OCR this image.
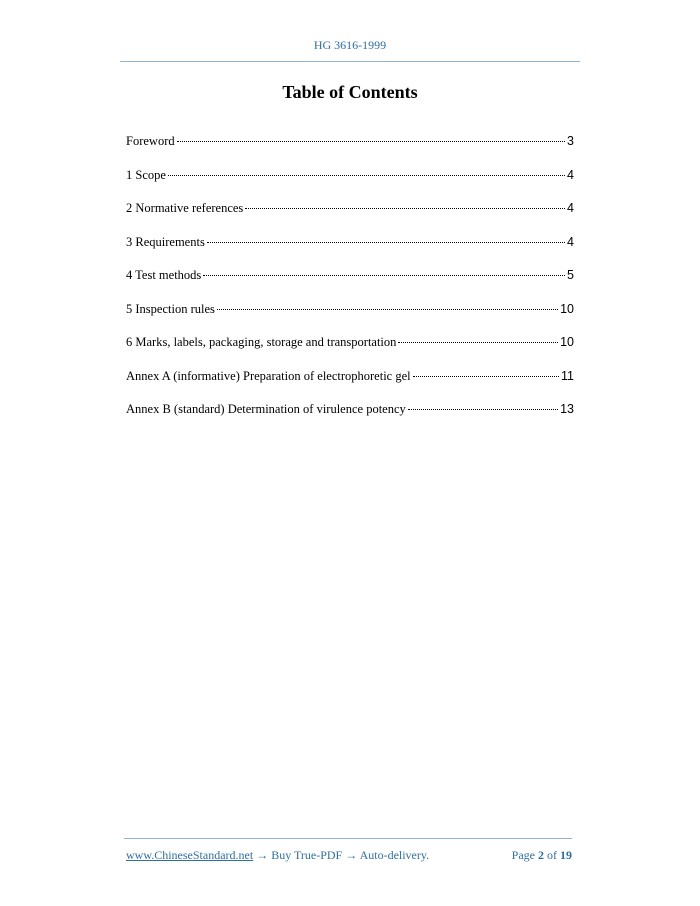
HG 3616-1999
Table of Contents
Foreword	3
1 Scope	4
2 Normative references	4
3 Requirements	4
4 Test methods	5
5 Inspection rules	10
6 Marks, labels, packaging, storage and transportation	10
Annex A (informative) Preparation of electrophoretic gel	11
Annex B (standard) Determination of virulence potency	13
www.ChineseStandard.net → Buy True-PDF → Auto-delivery.	Page 2 of 19
